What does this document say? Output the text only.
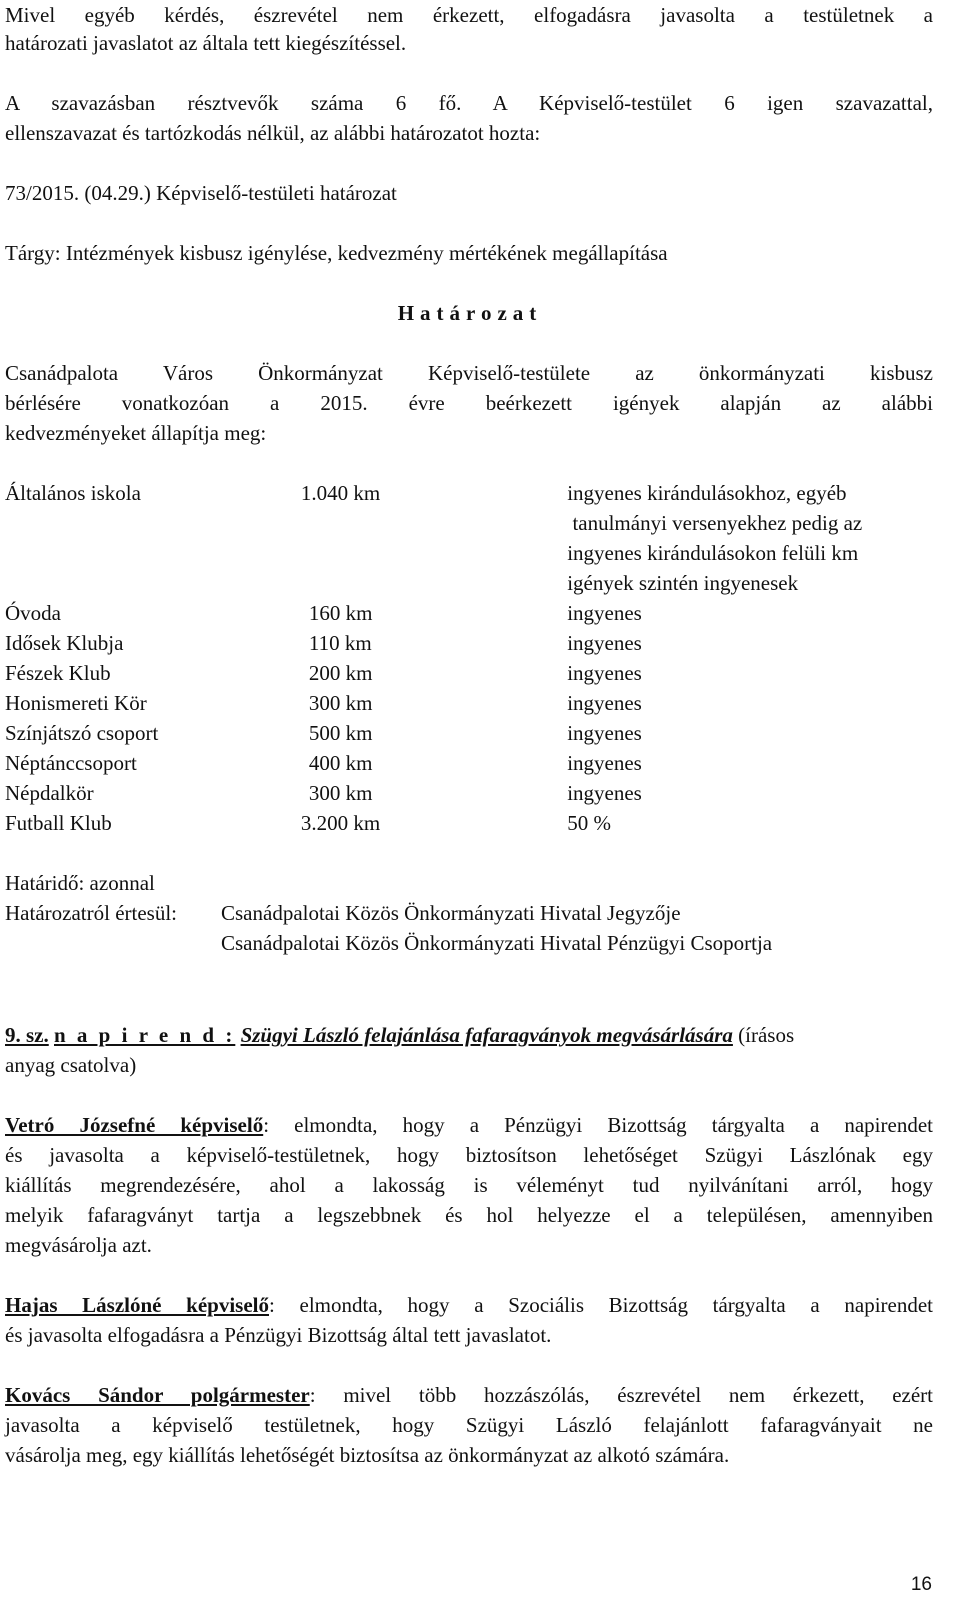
Mivel egyéb kérdés, észrevétel nem érkezett, elfogadásra javasolta a testületnek a
határozati javaslatot az általa tett kiegészítéssel.
A szavazásban résztvevők száma 6 fő. A Képviselő-testület 6 igen szavazattal,
ellenszavazat és tartózkodás nélkül, az alábbi határozatot hozta:
73/2015. (04.29.) Képviselő-testületi határozat
Tárgy: Intézmények kisbusz igénylése, kedvezmény mértékének megállapítása
Határozat
Csanádpalota Város Önkormányzat Képviselő-testülete az önkormányzati kisbusz
bérlésére vonatkozóan a 2015. évre beérkezett igények alapján az alábbi
kedvezményeket állapítja meg:
Általános iskola	1.040 km	ingyenes kirándulásokhoz, egyéb
tanulmányi versenyekhez pedig az
ingyenes kirándulásokon felüli km
igények szintén ingyenesek

Óvoda	160 km	ingyenes

Idősek Klubja	110 km	ingyenes

Fészek Klub	200 km	ingyenes

Honismereti Kör	300 km	ingyenes

Színjátszó csoport	500 km	ingyenes

Néptánccsoport	400 km	ingyenes

Népdalkör	300 km	ingyenes

Futball Klub	3.200 km	50 %
Határidő: azonnal
Határozatról értesül: Csanádpalotai Közös Önkormányzati Hivatal Jegyzője
Csanádpalotai Közös Önkormányzati Hivatal Pénzügyi Csoportja
9. sz. n a p i r e n d : Szügyi László felajánlása fafaragványok megvásárlására (írásos
anyag csatolva)
Vetró Józsefné képviselő: elmondta, hogy a Pénzügyi Bizottság tárgyalta a napirendet
és javasolta a képviselő-testületnek, hogy biztosítson lehetőséget Szügyi Lászlónak egy
kiállítás megrendezésére, ahol a lakosság is véleményt tud nyilvánítani arról, hogy
melyik fafaragványt tartja a legszebbnek és hol helyezze el a településen, amennyiben
megvásárolja azt.
Hajas Lászlóné képviselő: elmondta, hogy a Szociális Bizottság tárgyalta a napirendet
és javasolta elfogadásra a Pénzügyi Bizottság által tett javaslatot.
Kovács Sándor polgármester: mivel több hozzászólás, észrevétel nem érkezett, ezért
javasolta a képviselő testületnek, hogy Szügyi László felajánlott fafaragványait ne
vásárolja meg, egy kiállítás lehetőségét biztosítsa az önkormányzat az alkotó számára.
16
